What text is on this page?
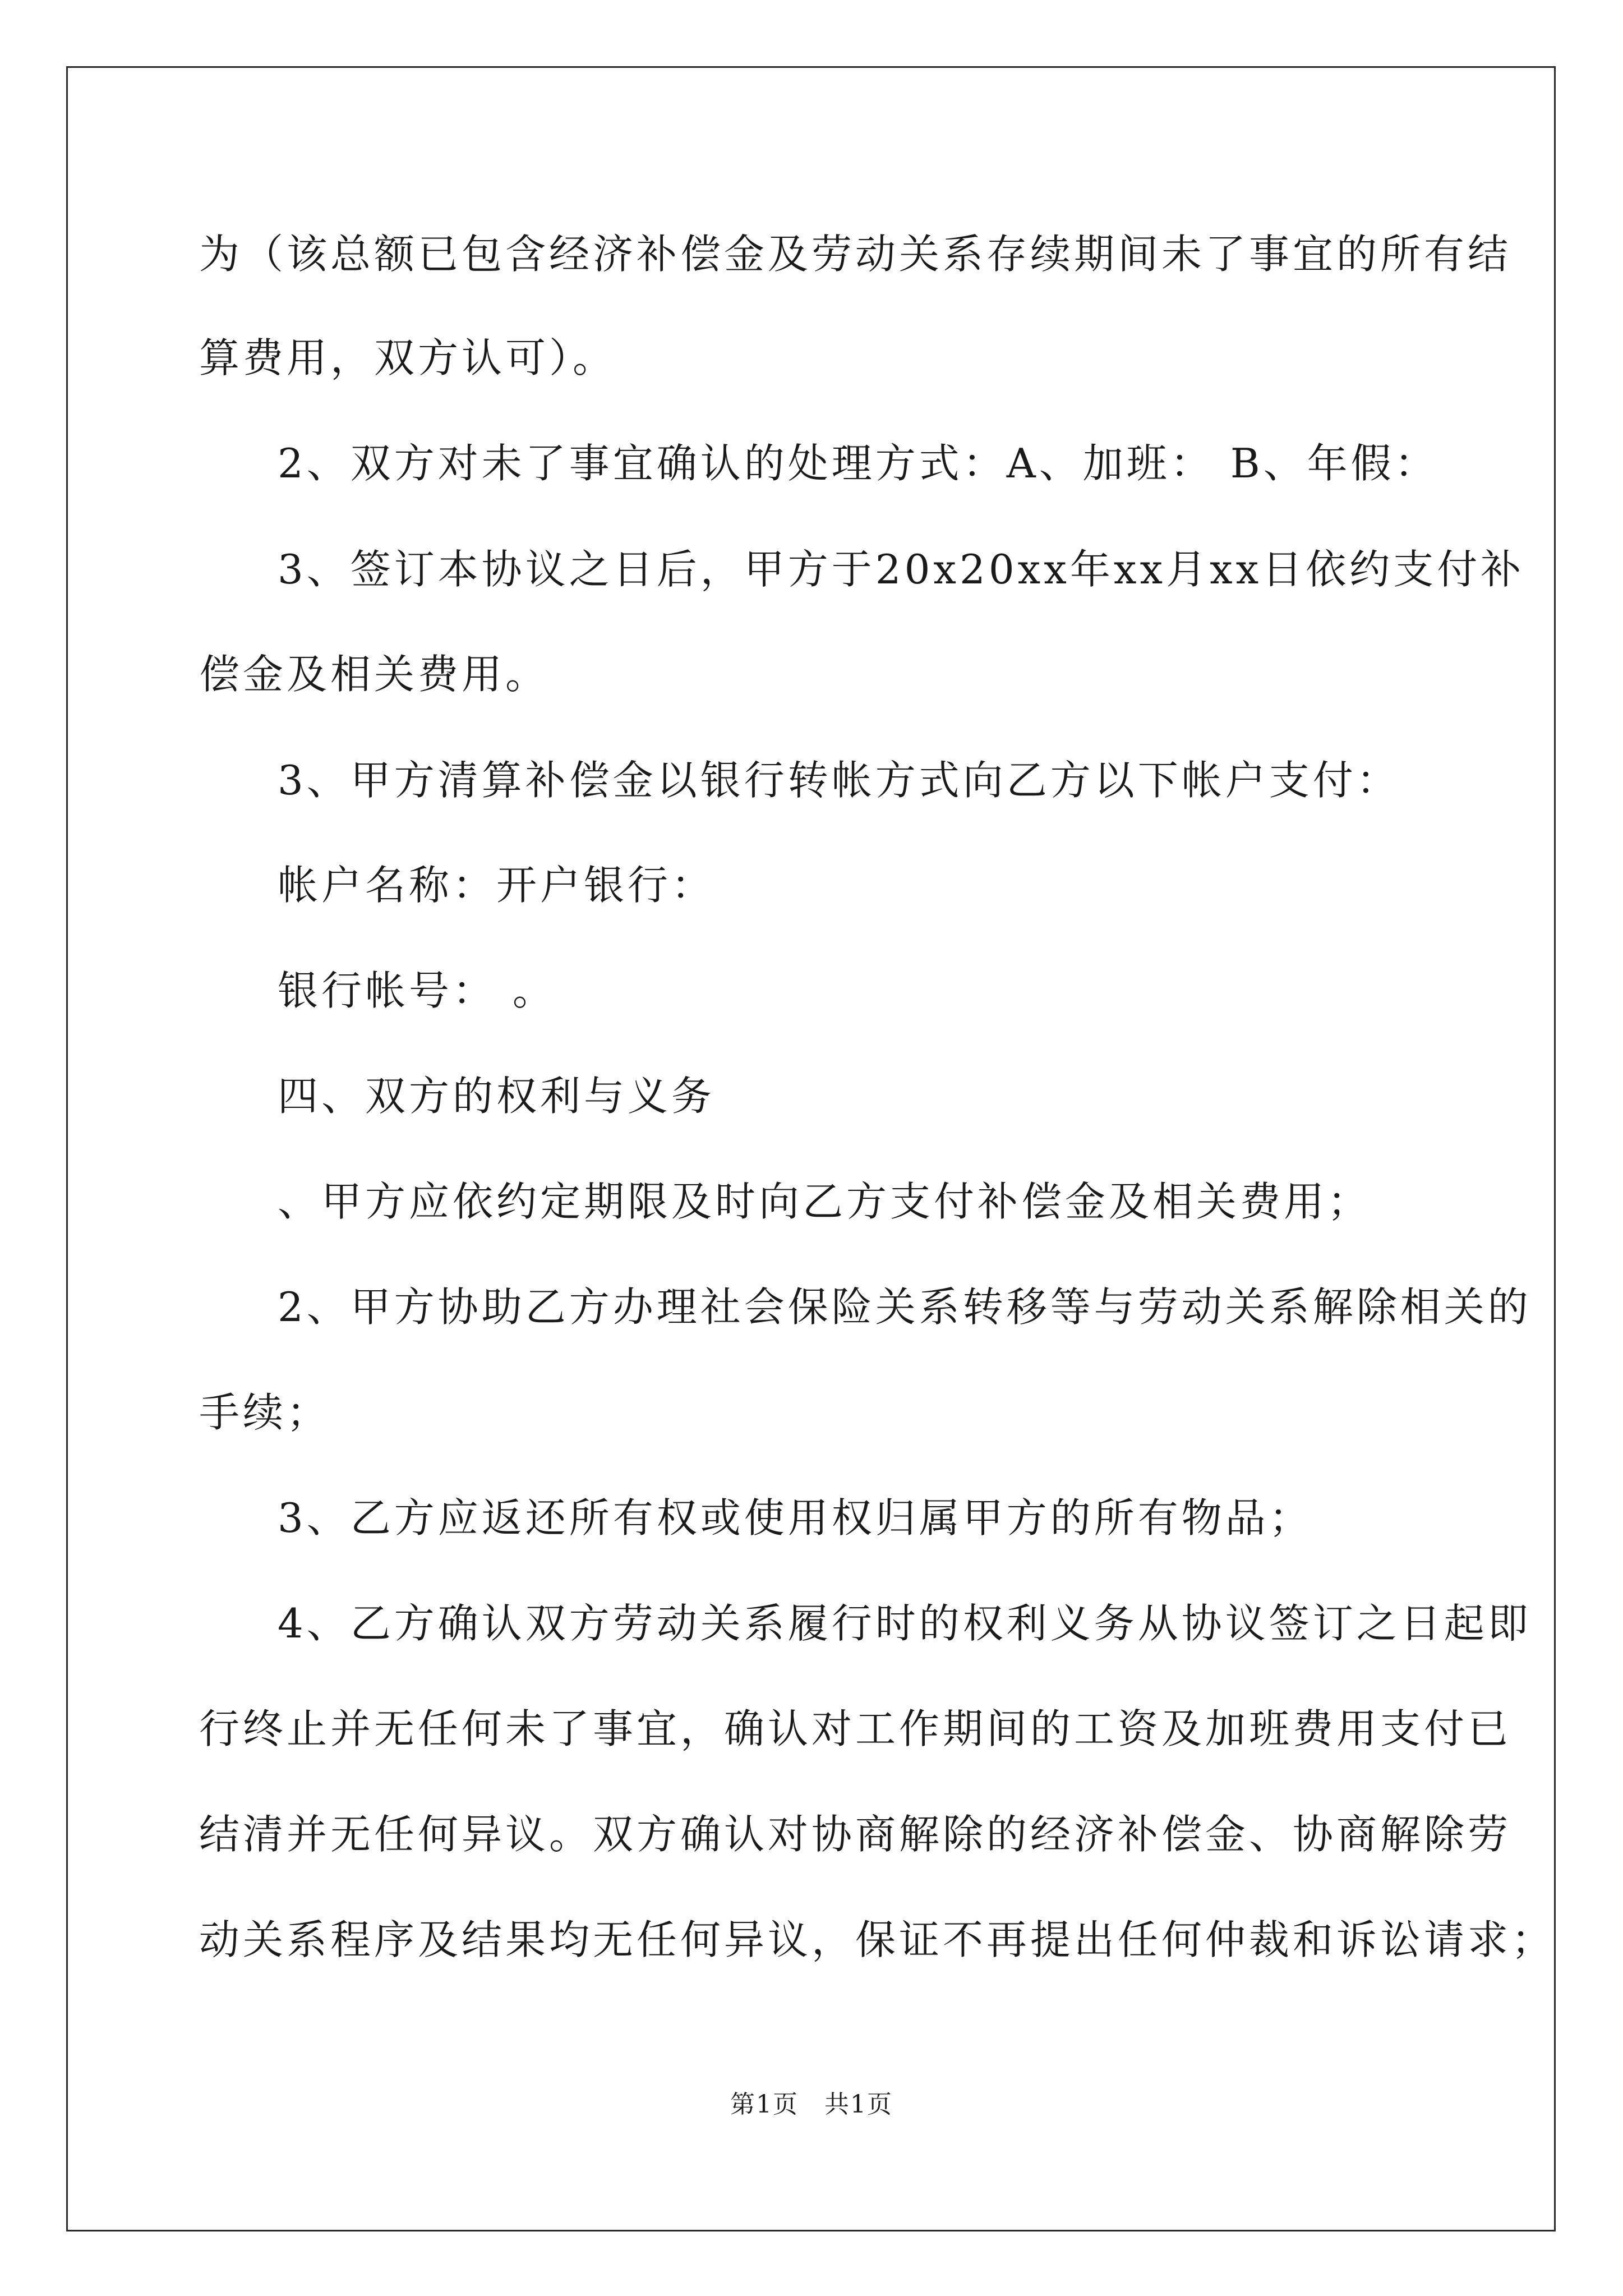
为（该总额已包含经济补偿金及劳动关系存续期间未了事宜的所有结
算费用，双方认可）。
2、双方对未了事宜确认的处理方式：A、加班： B、年假：
3、签订本协议之日后，甲方于20x20xx年xx月xx日依约支付补
偿金及相关费用。
3、甲方清算补偿金以银行转帐方式向乙方以下帐户支付：
帐户名称：开户银行：
银行帐号： 。
四、双方的权利与义务
、甲方应依约定期限及时向乙方支付补偿金及相关费用；
2、甲方协助乙方办理社会保险关系转移等与劳动关系解除相关的
手续；
3、乙方应返还所有权或使用权归属甲方的所有物品；
4、乙方确认双方劳动关系履行时的权利义务从协议签订之日起即
行终止并无任何未了事宜，确认对工作期间的工资及加班费用支付已
结清并无任何异议。双方确认对协商解除的经济补偿金、协商解除劳
动关系程序及结果均无任何异议，保证不再提出任何仲裁和诉讼请求；
第1页　共1页
